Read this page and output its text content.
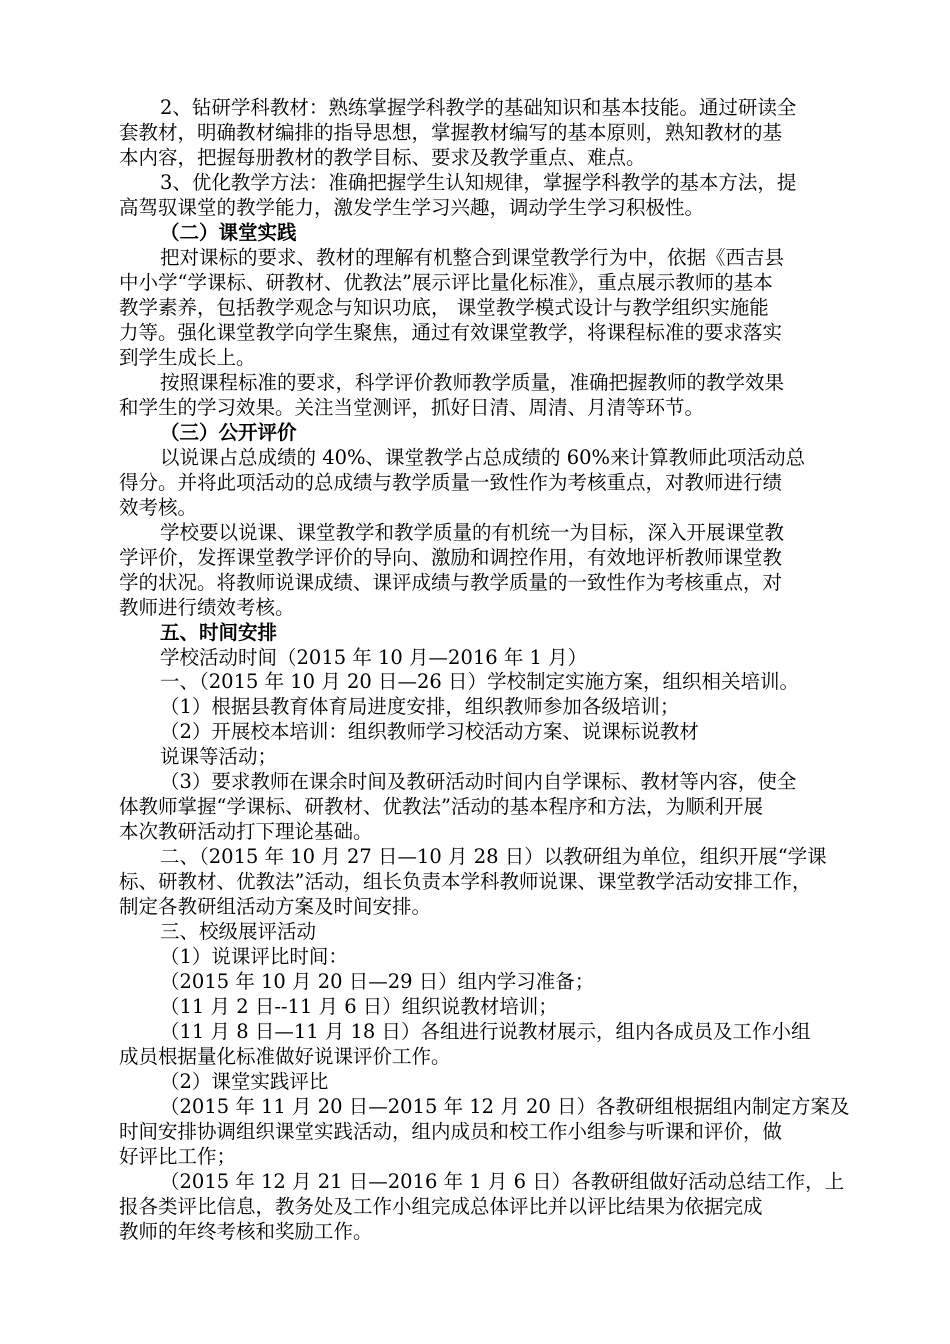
2、钻研学科教材：熟练掌握学科教学的基础知识和基本技能。通过研读全
套教材，明确教材编排的指导思想，掌握教材编写的基本原则，熟知教材的基
本内容，把握每册教材的教学目标、要求及教学重点、难点。
3、优化教学方法：准确把握学生认知规律，掌握学科教学的基本方法，提
高驾驭课堂的教学能力，激发学生学习兴趣，调动学生学习积极性。
（二）课堂实践
把对课标的要求、教材的理解有机整合到课堂教学行为中，依据《西吉县
中小学“学课标、研教材、优教法”展示评比量化标准》，重点展示教师的基本
教学素养，包括教学观念与知识功底， 课堂教学模式设计与教学组织实施能
力等。强化课堂教学向学生聚焦，通过有效课堂教学，将课程标准的要求落实
到学生成长上。
按照课程标准的要求，科学评价教师教学质量，准确把握教师的教学效果
和学生的学习效果。关注当堂测评，抓好日清、周清、月清等环节。
（三）公开评价
以说课占总成绩的 40%、课堂教学占总成绩的 60%来计算教师此项活动总
得分。并将此项活动的总成绩与教学质量一致性作为考核重点，对教师进行绩
效考核。
学校要以说课、课堂教学和教学质量的有机统一为目标，深入开展课堂教
学评价，发挥课堂教学评价的导向、激励和调控作用，有效地评析教师课堂教
学的状况。将教师说课成绩、课评成绩与教学质量的一致性作为考核重点，对
教师进行绩效考核。
五、时间安排
学校活动时间（2015 年 10 月—2016 年 1 月）
一、（2015 年 10 月 20 日—26 日）学校制定实施方案，组织相关培训。
（1）根据县教育体育局进度安排，组织教师参加各级培训；
（2）开展校本培训：组织教师学习校活动方案、说课标说教材
说课等活动；
（3）要求教师在课余时间及教研活动时间内自学课标、教材等内容，使全
体教师掌握“学课标、研教材、优教法”活动的基本程序和方法，为顺利开展
本次教研活动打下理论基础。
二、（2015 年 10 月 27 日—10 月 28 日）以教研组为单位，组织开展“学课
标、研教材、优教法”活动，组长负责本学科教师说课、课堂教学活动安排工作，
制定各教研组活动方案及时间安排。
三、校级展评活动
（1）说课评比时间：
（2015 年 10 月 20 日—29 日）组内学习准备；
（11 月 2 日--11 月 6 日）组织说教材培训；
（11 月 8 日—11 月 18 日）各组进行说教材展示，组内各成员及工作小组
成员根据量化标准做好说课评价工作。
（2）课堂实践评比
（2015 年 11 月 20 日—2015 年 12 月 20 日）各教研组根据组内制定方案及
时间安排协调组织课堂实践活动，组内成员和校工作小组参与听课和评价，做
好评比工作；
（2015 年 12 月 21 日—2016 年 1 月 6 日）各教研组做好活动总结工作，上
报各类评比信息，教务处及工作小组完成总体评比并以评比结果为依据完成
教师的年终考核和奖励工作。
